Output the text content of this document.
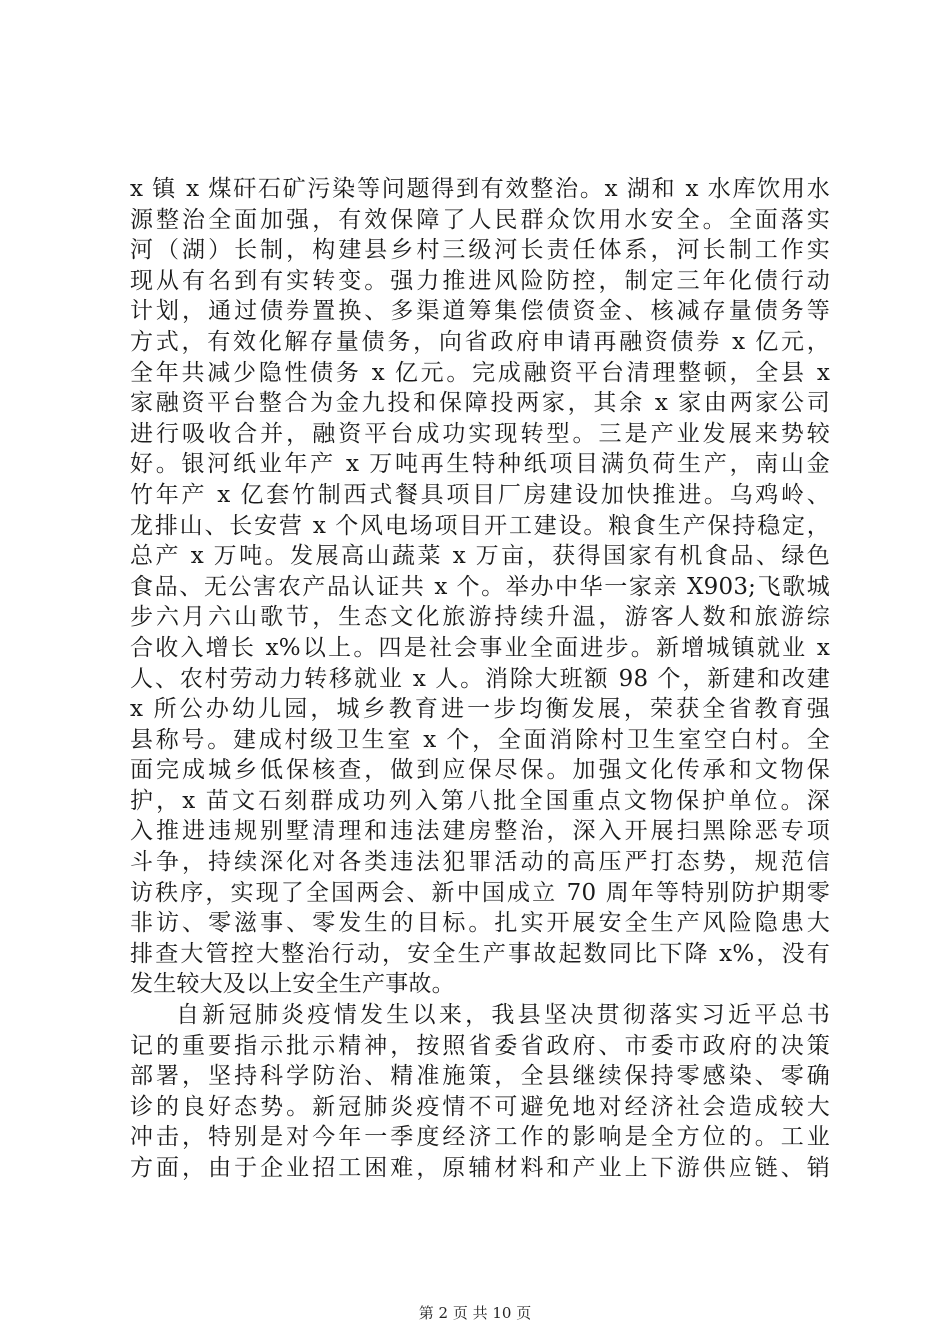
x 镇 x 煤矸石矿污染等问题得到有效整治。x 湖和 x 水库饮用水
源整治全面加强，有效保障了人民群众饮用水安全。全面落实
河（湖）长制，构建县乡村三级河长责任体系，河长制工作实
现从有名到有实转变。强力推进风险防控，制定三年化债行动
计划，通过债券置换、多渠道筹集偿债资金、核减存量债务等
方式，有效化解存量债务，向省政府申请再融资债券 x 亿元，
全年共减少隐性债务 x 亿元。完成融资平台清理整顿，全县 x
家融资平台整合为金九投和保障投两家，其余 x 家由两家公司
进行吸收合并，融资平台成功实现转型。三是产业发展来势较
好。银河纸业年产 x 万吨再生特种纸项目满负荷生产，南山金
竹年产 x 亿套竹制西式餐具项目厂房建设加快推进。乌鸡岭、
龙排山、长安营 x 个风电场项目开工建设。粮食生产保持稳定，
总产 x 万吨。发展高山蔬菜 x 万亩，获得国家有机食品、绿色
食品、无公害农产品认证共 x 个。举办中华一家亲 X903;飞歌城
步六月六山歌节，生态文化旅游持续升温，游客人数和旅游综
合收入增长 x%以上。四是社会事业全面进步。新增城镇就业 x
人、农村劳动力转移就业 x 人。消除大班额 98 个，新建和改建
x 所公办幼儿园，城乡教育进一步均衡发展，荣获全省教育强
县称号。建成村级卫生室 x 个，全面消除村卫生室空白村。全
面完成城乡低保核查，做到应保尽保。加强文化传承和文物保
护，x 苗文石刻群成功列入第八批全国重点文物保护单位。深
入推进违规别墅清理和违法建房整治，深入开展扫黑除恶专项
斗争，持续深化对各类违法犯罪活动的高压严打态势，规范信
访秩序，实现了全国两会、新中国成立 70 周年等特别防护期零
非访、零滋事、零发生的目标。扎实开展安全生产风险隐患大
排查大管控大整治行动，安全生产事故起数同比下降 x%，没有
发生较大及以上安全生产事故。
自新冠肺炎疫情发生以来，我县坚决贯彻落实习近平总书
记的重要指示批示精神，按照省委省政府、市委市政府的决策
部署，坚持科学防治、精准施策，全县继续保持零感染、零确
诊的良好态势。新冠肺炎疫情不可避免地对经济社会造成较大
冲击，特别是对今年一季度经济工作的影响是全方位的。工业
方面，由于企业招工困难，原辅材料和产业上下游供应链、销
第 2 页 共 10 页
